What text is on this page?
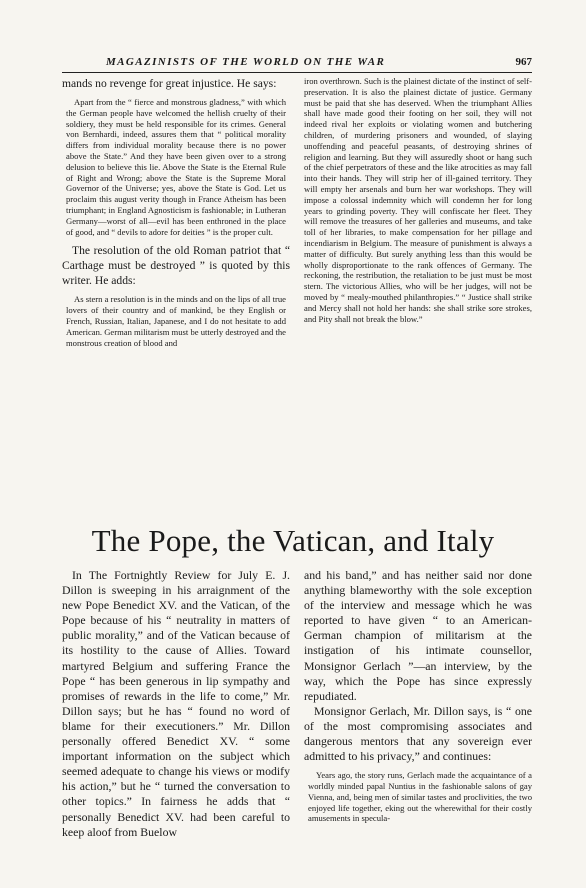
MAGAZINISTS OF THE WORLD ON THE WAR	967

mands no revenge for great injustice. He says:

Apart from the “ fierce and monstrous gladness,” with which the German people have welcomed the hellish cruelty of their soldiery, they must be held responsible for its crimes. General von Bernhardi, indeed, assures them that “ political morality differs from individual morality because there is no power above the State.” And they have been given over to a strong delusion to believe this lie. Above the State is the Eternal Rule of Right and Wrong; above the State is the Supreme Moral Governor of the Universe; yes, above the State is God. Let us proclaim this august verity though in France Atheism has been triumphant; in England Agnosticism is fashionable; in Lutheran Germany—worst of all—evil has been enthroned in the place of good, and “ devils to adore for deities ” is the proper cult.

The resolution of the old Roman patriot that “ Carthage must be destroyed ” is quoted by this writer. He adds:

As stern a resolution is in the minds and on the lips of all true lovers of their country and of mankind, be they English or French, Russian, Italian, Japanese, and I do not hesitate to add American. German militarism must be utterly destroyed and the monstrous creation of blood and

iron overthrown. Such is the plainest dictate of the instinct of self-preservation. It is also the plainest dictate of justice. Germany must be paid that she has deserved. When the triumphant Allies shall have made good their footing on her soil, they will not indeed rival her exploits or violating women and butchering children, of murdering prisoners and wounded, of slaying unoffending and peaceful peasants, of destroying shrines of religion and learning. But they will assuredly shoot or hang such of the chief perpetrators of these and the like atrocities as may fall into their hands. They will strip her of ill-gained territory. They will empty her arsenals and burn her war workshops. They will impose a colossal indemnity which will condemn her for long years to grinding poverty. They will confiscate her fleet. They will remove the treasures of her galleries and museums, and take toll of her libraries, to make compensation for her pillage and incendiarism in Belgium. The measure of punishment is always a matter of difficulty. But surely anything less than this would be wholly disproportionate to the rank offences of Germany. The reckoning, the restribution, the retaliation to be just must be most stern. The victorious Allies, who will be her judges, will not be moved by “ mealy-mouthed philanthropies.” “ Justice shall strike and Mercy shall not hold her hands: she shall strike sore strokes, and Pity shall not break the blow.”

The Pope, the Vatican, and Italy

In The Fortnightly Review for July E. J. Dillon is sweeping in his arraignment of the new Pope Benedict XV. and the Vatican, of the Pope because of his “ neutrality in matters of public morality,” and of the Vatican because of its hostility to the cause of Allies. Toward martyred Belgium and suffering France the Pope “ has been generous in lip sympathy and promises of rewards in the life to come,” Mr. Dillon says; but he has “ found no word of blame for their executioners.” Mr. Dillon personally offered Benedict XV. “ some important information on the subject which seemed adequate to change his views or modify his action,” but he “ turned the conversation to other topics.” In fairness he adds that “ personally Benedict XV. had been careful to keep aloof from Buelow

and his band,” and has neither said nor done anything blameworthy with the sole exception of the interview and message which he was reported to have given “ to an American-German champion of militarism at the instigation of his intimate counsellor, Monsignor Gerlach ”—an interview, by the way, which the Pope has since expressly repudiated.

Monsignor Gerlach, Mr. Dillon says, is “ one of the most compromising associates and dangerous mentors that any sovereign ever admitted to his privacy,” and continues:

Years ago, the story runs, Gerlach made the acquaintance of a worldly minded papal Nuntius in the fashionable salons of gay Vienna, and, being men of similar tastes and proclivities, the two enjoyed life together, eking out the wherewithal for their costly amusements in specula-
